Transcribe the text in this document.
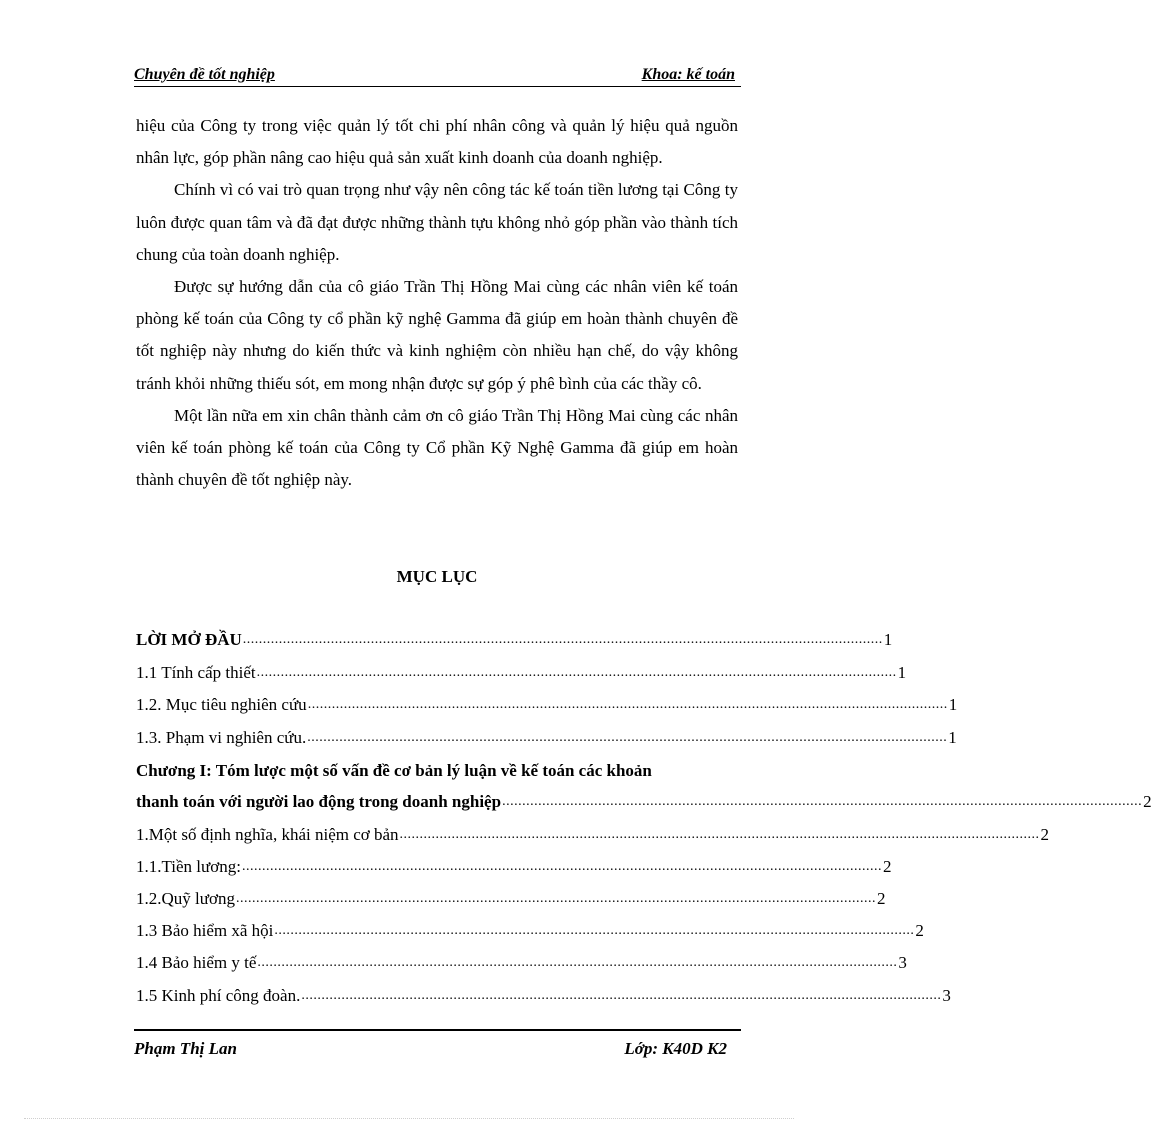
Chuyên đề tốt nghiệp	Khoa: kế toán

hiệu của Công ty trong việc quản lý tốt chi phí nhân công và quản lý hiệu quả nguồn nhân lực, góp phần nâng cao hiệu quả sản xuất kinh doanh của doanh nghiệp.

Chính vì có vai trò quan trọng như vậy nên công tác kế toán tiền lương tại Công ty luôn được quan tâm và đã đạt được những thành tựu không nhỏ góp phần vào thành tích chung của toàn doanh nghiệp.

Được sự hướng dẫn của cô giáo Trần Thị Hồng Mai cùng các nhân viên kế toán phòng kế toán của Công ty cổ phần kỹ nghệ Gamma đã giúp em hoàn thành chuyên đề tốt nghiệp này nhưng do kiến thức và kinh nghiệm còn nhiều hạn chế, do vậy không tránh khỏi những thiếu sót, em mong nhận được sự góp ý phê bình của các thầy cô.

Một lần nữa em xin chân thành cảm ơn cô giáo Trần Thị Hồng Mai cùng các nhân viên kế toán phòng kế toán của Công ty Cổ phần Kỹ Nghệ Gamma đã giúp em hoàn thành chuyên đề tốt nghiệp này.

MỤC LỤC
LỜI MỞ ĐẦU ................................................................................................................................................................ 1
1.1 Tính cấp thiết ................................................................................................................................................................ 1
1.2. Mục tiêu nghiên cứu ................................................................................................................................................................ 1
1.3. Phạm vi nghiên cứu. ................................................................................................................................................................ 1
Chương I: Tóm lược một số vấn đề cơ bản lý luận về kế toán các khoản
thanh toán với người lao động trong doanh nghiệp ................................................................................................................................................................ 2
1.Một số định nghĩa, khái niệm cơ bản ................................................................................................................................................................ 2
1.1.Tiền lương: ................................................................................................................................................................ 2
1.2.Quỹ lương ................................................................................................................................................................ 2
1.3 Bảo hiểm xã hội ................................................................................................................................................................ 2
1.4 Bảo hiểm y tế ................................................................................................................................................................ 3
1.5 Kinh phí công đoàn. ................................................................................................................................................................ 3
Phạm Thị Lan	Lớp: K40D K2
